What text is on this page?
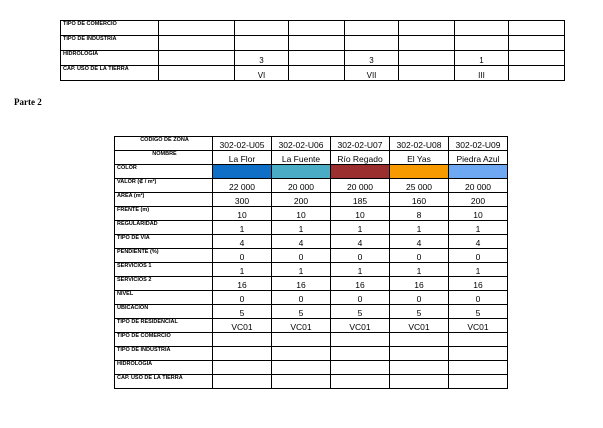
TIPO DE COMERCIO							
TIPO DE INDUSTRIA							
HIDROLOGIA		3		3		1	
CAP. USO DE LA TIERRA		VI		VII		III	
Parte 2
CODIGO DE ZONA	302-02-U05	302-02-U06	302-02-U07	302-02-U08	302-02-U09
NOMBRE	La Flor	La Fuente	Río Regado	El Yas	Piedra Azul
COLOR					
VALOR (₡ / m²)	22 000	20 000	20 000	25 000	20 000
AREA (m²)	300	200	185	160	200
FRENTE (m)	10	10	10	8	10
REGULARIDAD	1	1	1	1	1
TIPO DE VÍA	4	4	4	4	4
PENDIENTE (%)	0	0	0	0	0
SERVICIOS 1	1	1	1	1	1
SERVICIOS 2	16	16	16	16	16
NIVEL	0	0	0	0	0
UBICACIÓN	5	5	5	5	5
TIPO DE RESIDENCIAL	VC01	VC01	VC01	VC01	VC01
TIPO DE COMERCIO					
TIPO DE INDUSTRIA					
HIDROLOGIA					
CAP. USO DE LA TIERRA					
